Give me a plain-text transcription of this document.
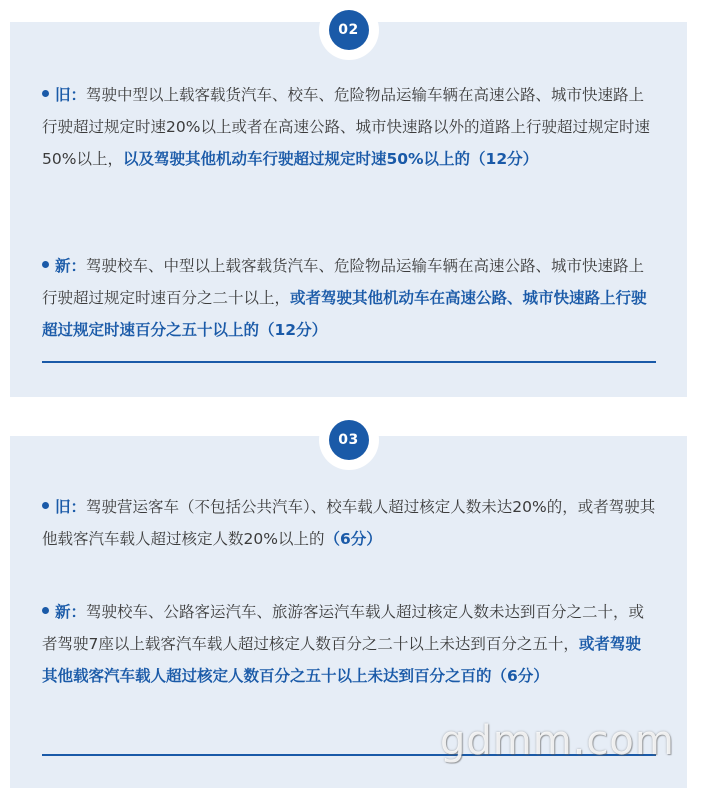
02

旧：驾驶中型以上载客载货汽车、校车、危险物品运输车辆在高速公路、城市快速路上行驶超过规定时速20%以上或者在高速公路、城市快速路以外的道路上行驶超过规定时速50%以上，以及驾驶其他机动车行驶超过规定时速50%以上的（12分）

新：驾驶校车、中型以上载客载货汽车、危险物品运输车辆在高速公路、城市快速路上行驶超过规定时速百分之二十以上，或者驾驶其他机动车在高速公路、城市快速路上行驶超过规定时速百分之五十以上的（12分）

03

旧：驾驶营运客车（不包括公共汽车）、校车载人超过核定人数未达20%的，或者驾驶其他载客汽车载人超过核定人数20%以上的（6分）

新：驾驶校车、公路客运汽车、旅游客运汽车载人超过核定人数未达到百分之二十，或者驾驶7座以上载客汽车载人超过核定人数百分之二十以上未达到百分之五十，或者驾驶其他载客汽车载人超过核定人数百分之五十以上未达到百分之百的（6分）

gdmm.com
